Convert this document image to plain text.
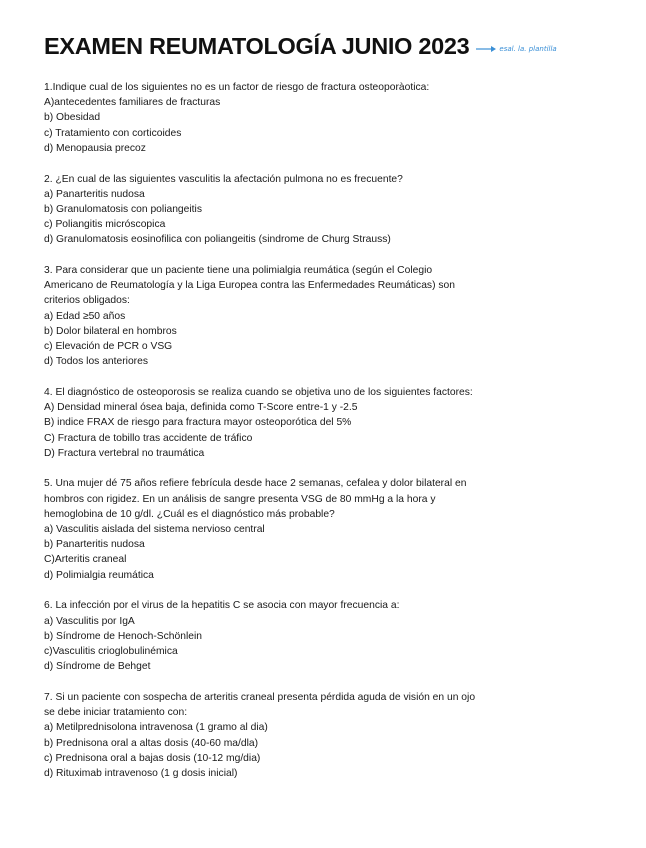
EXAMEN REUMATOLOGÍA JUNIO 2023	esal. la. plantilla
1.Indique cual de los siguientes no es un factor de riesgo de fractura osteoporàotica:
A)antecedentes familiares de fracturas
b) Obesidad
c) Tratamiento con corticoides
d) Menopausia precoz
2. ¿En cual de las siguientes vasculitis la afectación pulmona no es frecuente?
a) Panarteritis nudosa
b) Granulomatosis con poliangeitis
c) Poliangitis micróscopica
d) Granulomatosis eosinofilica con poliangeitis (sindrome de Churg Strauss)
3. Para considerar que un paciente tiene una polimialgia reumática (según el Colegio
Americano de Reumatología y la Liga Europea contra las Enfermedades Reumáticas) son
criterios obligados:
a) Edad ≥50 años
b) Dolor bilateral en hombros
c) Elevación de PCR o VSG
d) Todos los anteriores
4. El diagnóstico de osteoporosis se realiza cuando se objetiva uno de los siguientes factores:
A) Densidad mineral ósea baja, definida como T-Score entre-1 y -2.5
B) indice FRAX de riesgo para fractura mayor osteoporótica del 5%
C) Fractura de tobillo tras accidente de tráfico
D) Fractura vertebral no traumática
5. Una mujer dé 75 años refiere febrícula desde hace 2 semanas, cefalea y dolor bilateral en
hombros con rigidez. En un análisis de sangre presenta VSG de 80 mmHg a la hora y
hemoglobina de 10 g/dl. ¿Cuál es el diagnóstico más probable?
a) Vasculitis aislada del sistema nervioso central
b) Panarteritis nudosa
C)Arteritis craneal
d) Polimialgia reumática
6. La infección por el virus de la hepatitis C se asocia con mayor frecuencia a:
a) Vasculitis por IgA
b) Síndrome de Henoch-Schönlein
c)Vasculitis crioglobulinémica
d) Síndrome de Behget
7. Si un paciente con sospecha de arteritis craneal presenta pérdida aguda de visión en un ojo
se debe iniciar tratamiento con:
a) Metilprednisolona intravenosa (1 gramo al dia)
b) Prednisona oral a altas dosis (40-60 ma/dla)
c) Prednisona oral a bajas dosis (10-12 mg/dia)
d) Rituximab intravenoso (1 g dosis inicial)
